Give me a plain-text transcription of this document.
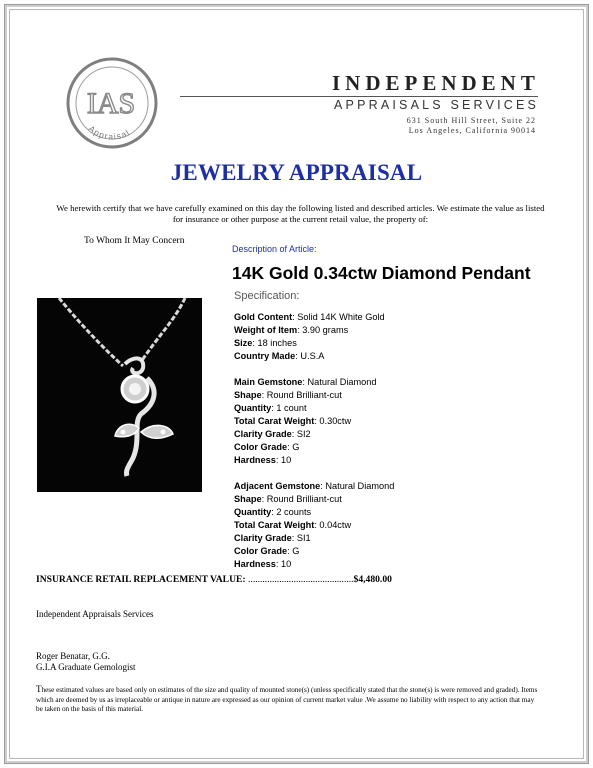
Appraisal
IAS
INDEPENDENT
APPRAISALS SERVICES
631 South Hill Street, Suite 22
Los Angeles, California 90014
JEWELRY APPRAISAL
We herewith certify that we have carefully examined on this day the following listed and described articles. We estimate the value as listed for insurance or other purpose at the current retail value, the property of:
To Whom It May Concern
Description of Article:
14K Gold 0.34ctw Diamond Pendant
Specification:
Gold Content: Solid 14K White Gold
Weight of Item: 3.90 grams
Size: 18 inches
Country Made: U.S.A
Main Gemstone: Natural Diamond
Shape: Round Brilliant-cut
Quantity: 1 count
Total Carat Weight: 0.30ctw
Clarity Grade: SI2
Color Grade: G
Hardness: 10
Adjacent Gemstone: Natural Diamond
Shape: Round Brilliant-cut
Quantity: 2 counts
Total Carat Weight: 0.04ctw
Clarity Grade: SI1
Color Grade: G
Hardness: 10
INSURANCE RETAIL REPLACEMENT VALUE: ............................................$4,480.00
Independent Appraisals Services
Roger Benatar, G.G.
G.I.A Graduate Gemologist
These estimated values are based only on estimates of the size and quality of mounted stone(s) (unless specifically stated that the stone(s) is were removed and graded). Items which are deemed by us as irreplaceable or antique in nature are expressed as our opinion of current market value .We assume no liability with respect to any action that may be taken on the basis of this material.
